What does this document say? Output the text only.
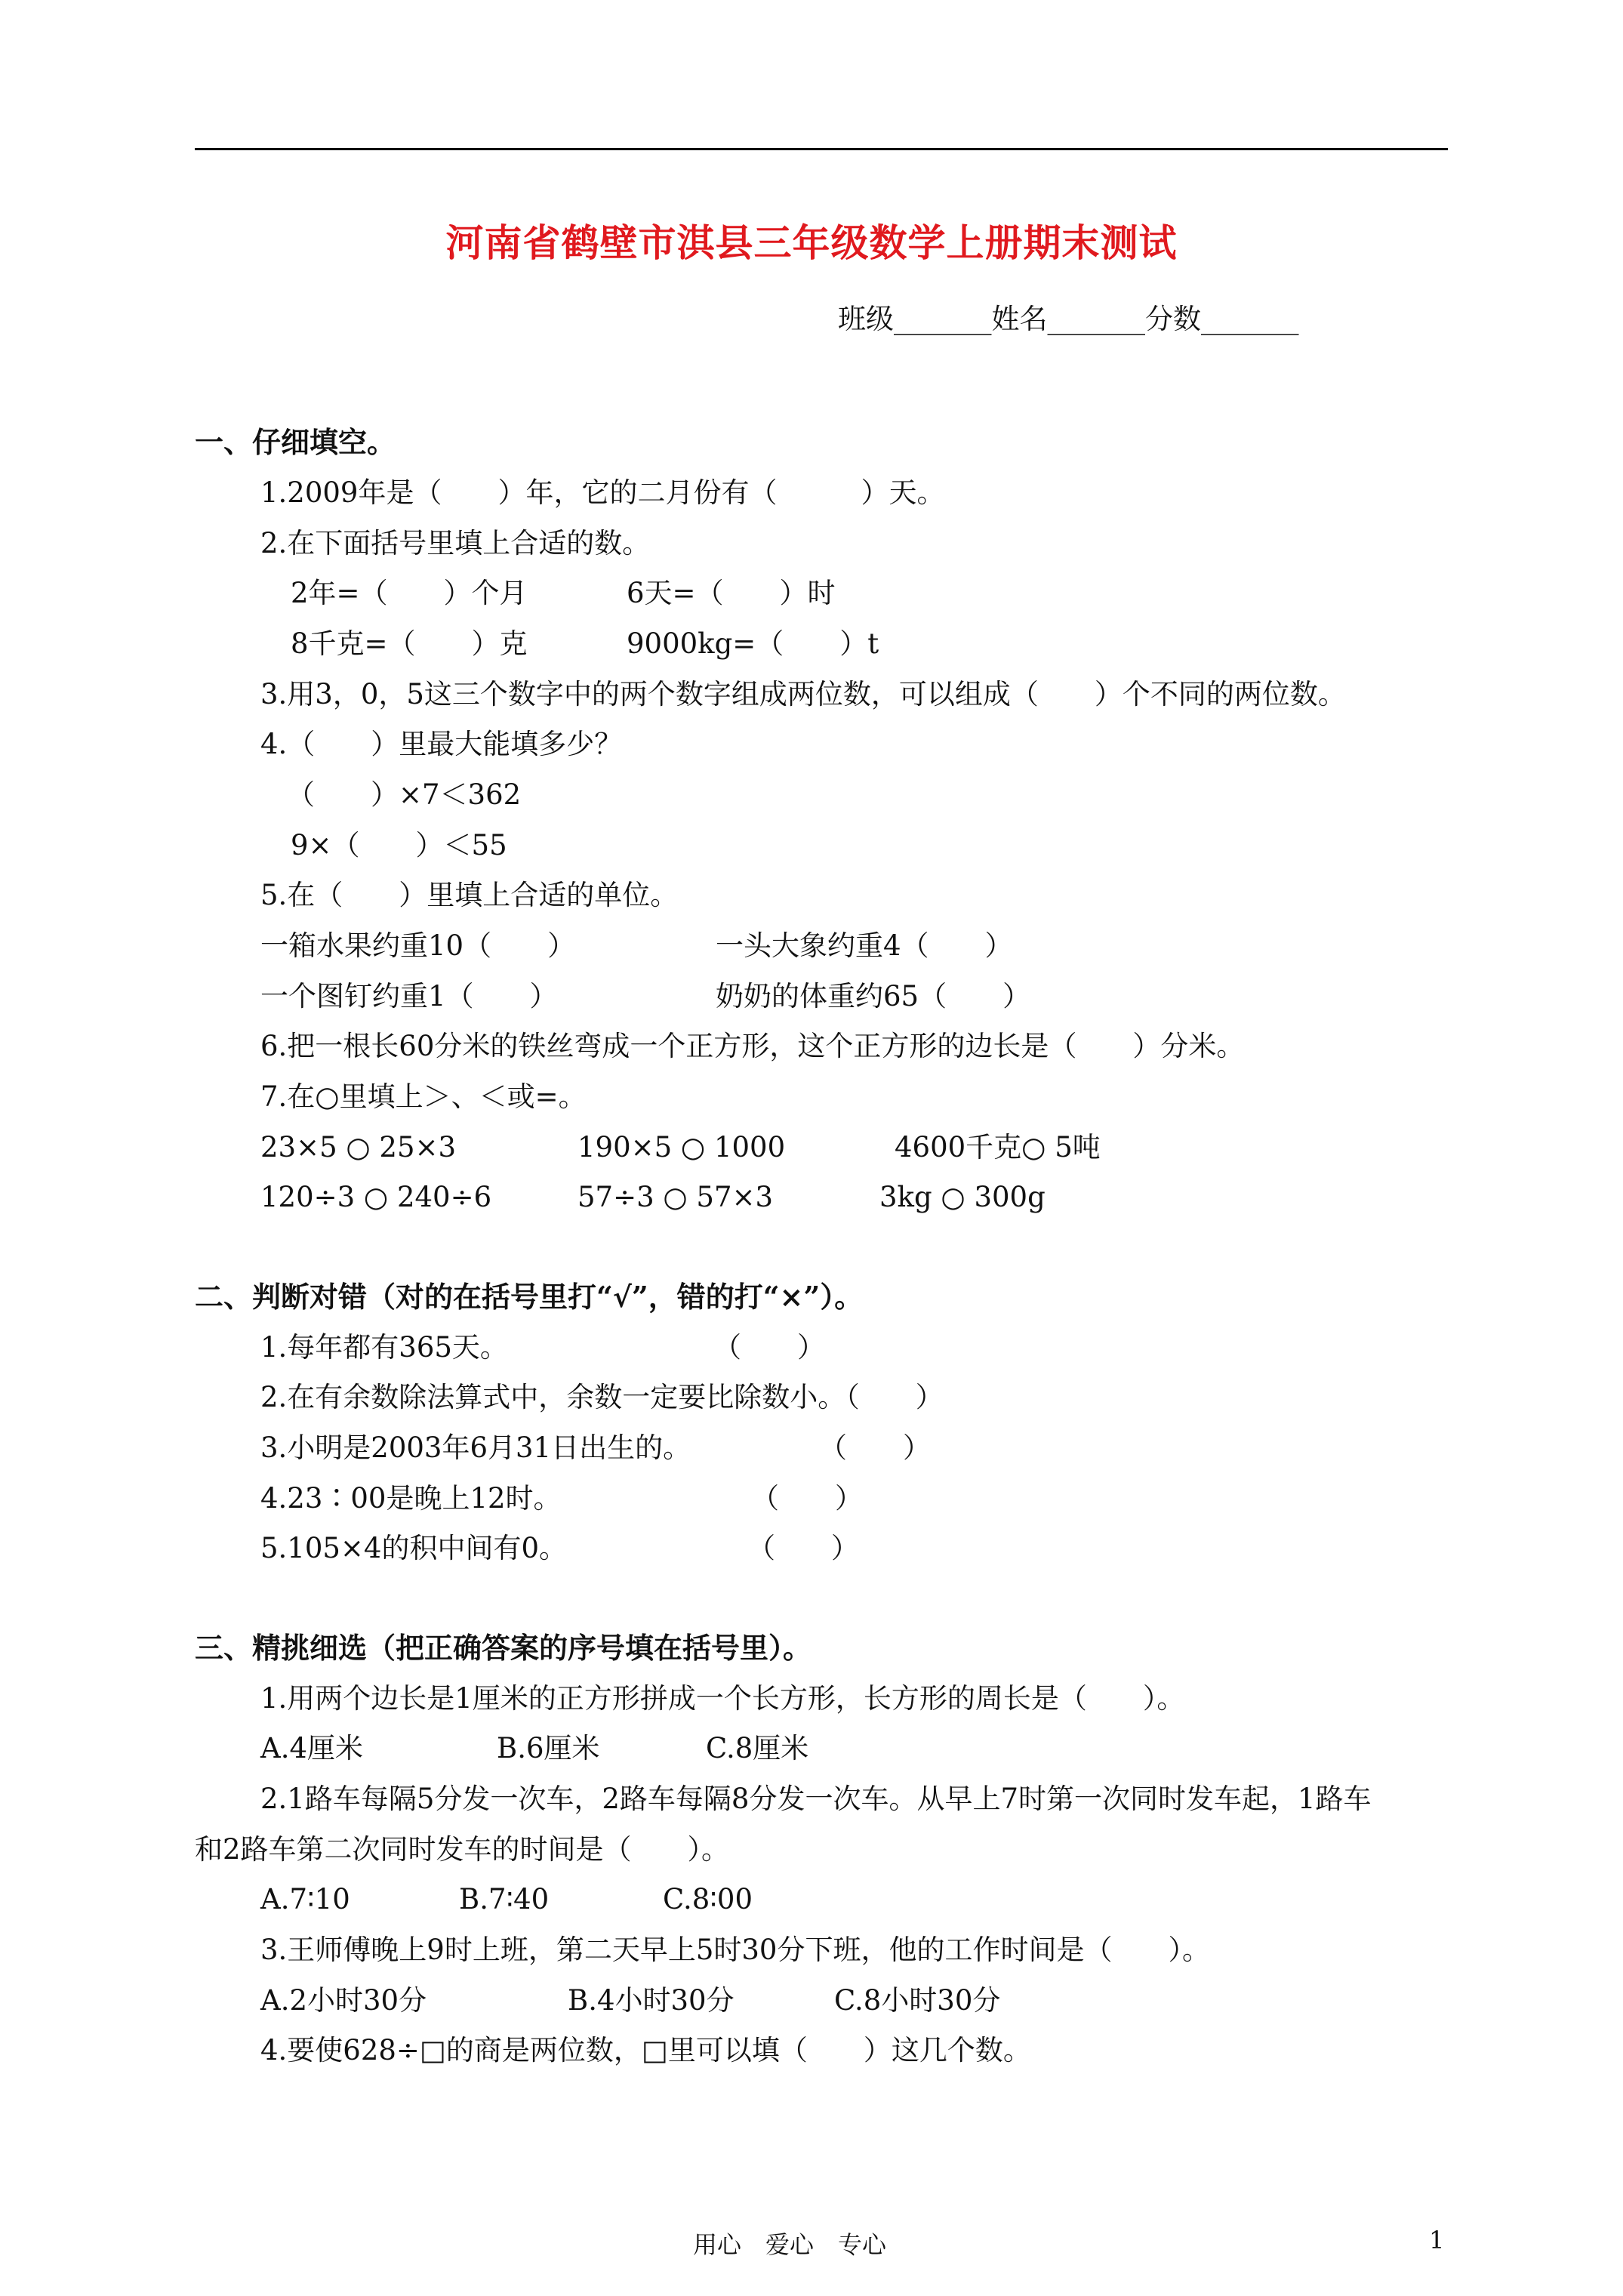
河南省鹤壁市淇县三年级数学上册期末测试
班级_______姓名_______分数_______
一、仔细填空。
1.2009年是（　　）年，它的二月份有（　　　）天。
2.在下面括号里填上合适的数。
2年=（　　）个月	6天=（　　）时
8千克=（　　）克	9000kg=（　　）t
3.用3，0，5这三个数字中的两个数字组成两位数，可以组成（　　）个不同的两位数。
4.（　　）里最大能填多少？
（　　）×7＜362
9×（　　）＜55
5.在（　　）里填上合适的单位。
一箱水果约重10（　　）	一头大象约重4（　　）
一个图钉约重1（　　）	奶奶的体重约65（　　）
6.把一根长60分米的铁丝弯成一个正方形，这个正方形的边长是（　　）分米。
7.在○里填上＞、＜或=。
23×5 ○ 25×3	190×5 ○ 1000	4600千克○ 5吨
120÷3 ○ 240÷6	57÷3 ○ 57×3	3kg ○ 300g
二、判断对错（对的在括号里打“√”，错的打“×”）。
1.每年都有365天。	（　　）
2.在有余数除法算式中，余数一定要比除数小。（　　）
3.小明是2003年6月31日出生的。	（　　）
4.23∶00是晚上12时。	（　　）
5.105×4的积中间有0。	（　　）
三、精挑细选（把正确答案的序号填在括号里）。
1.用两个边长是1厘米的正方形拼成一个长方形，长方形的周长是（　　）。
A.4厘米	B.6厘米	C.8厘米
2.1路车每隔5分发一次车，2路车每隔8分发一次车。从早上7时第一次同时发车起，1路车
和2路车第二次同时发车的时间是（　　）。
A.7∶10	B.7∶40	C.8∶00
3.王师傅晚上9时上班，第二天早上5时30分下班，他的工作时间是（　　）。
A.2小时30分	B.4小时30分	C.8小时30分
4.要使628÷□的商是两位数，□里可以填（　　）这几个数。
用心　爱心　专心	1
